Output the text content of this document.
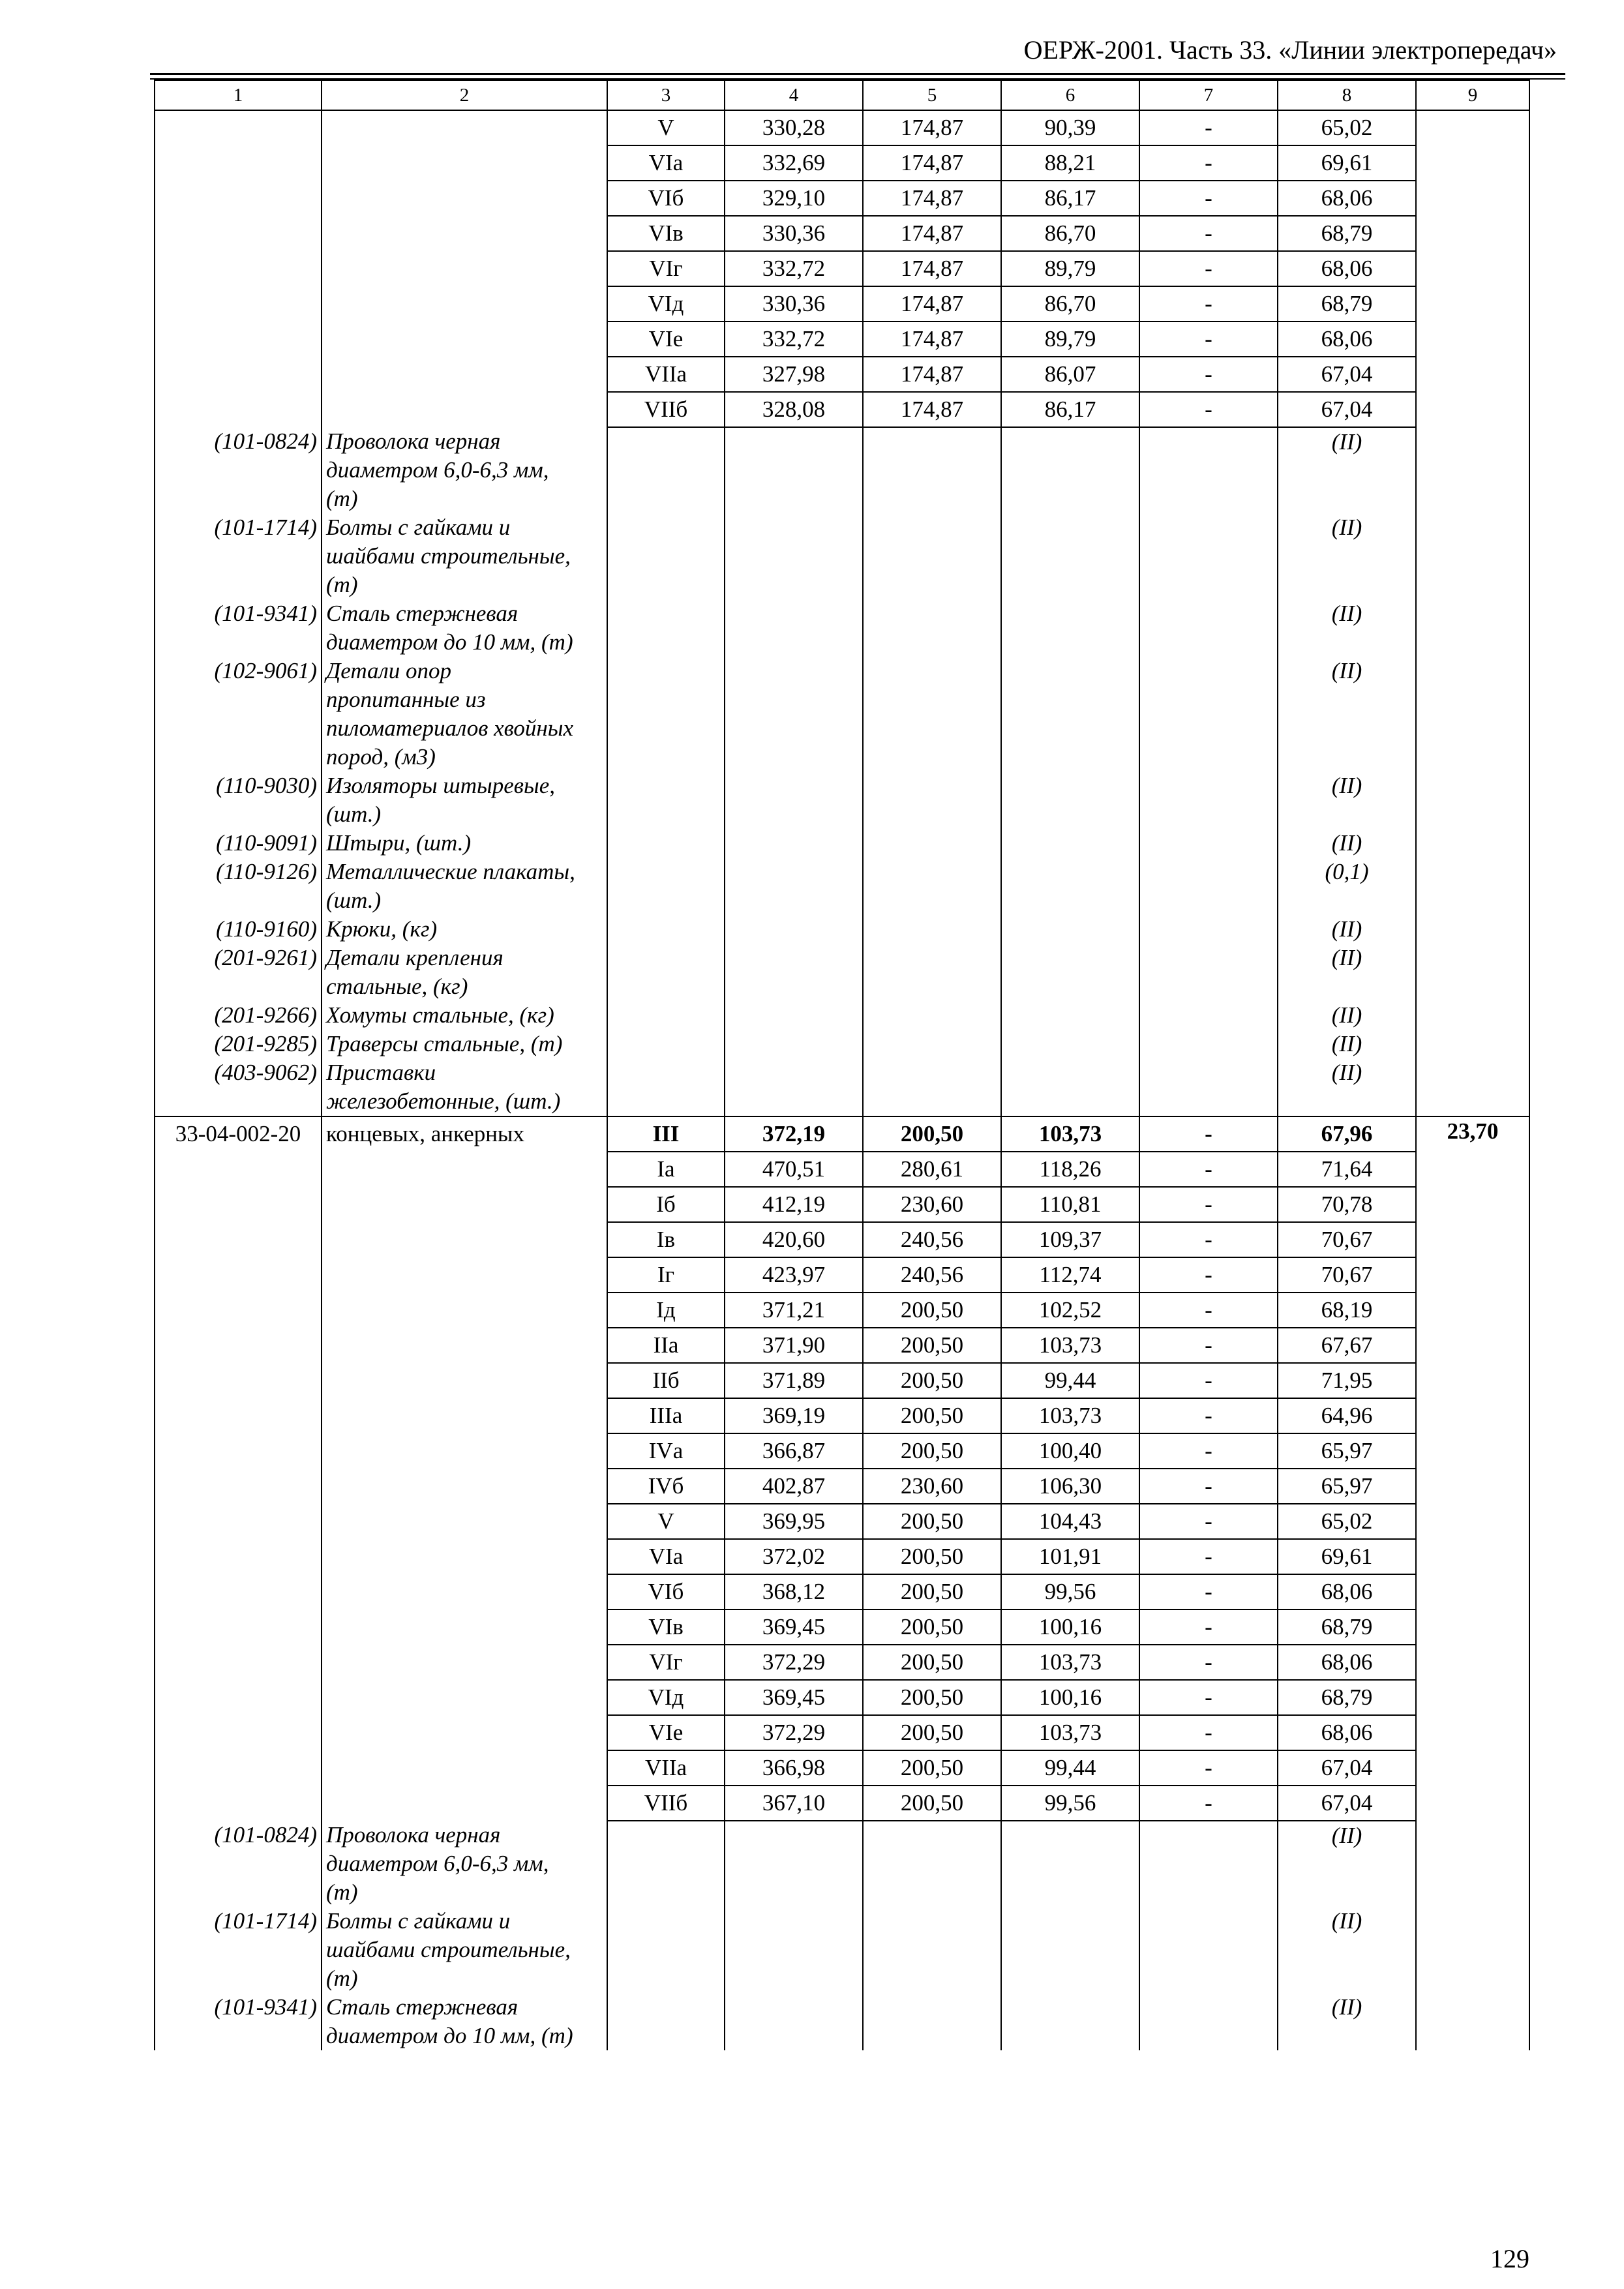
ОЕРЖ-2001. Часть 33. «Линии электропередач»
1	2	3	4	5	6	7	8	9
		V	330,28	174,87	90,39	-	65,02	
		VIа	332,69	174,87	88,21	-	69,61	
		VIб	329,10	174,87	86,17	-	68,06	
		VIв	330,36	174,87	86,70	-	68,79	
		VIг	332,72	174,87	89,79	-	68,06	
		VIд	330,36	174,87	86,70	-	68,79	
		VIе	332,72	174,87	89,79	-	68,06	
		VIIа	327,98	174,87	86,07	-	67,04	
		VIIб	328,08	174,87	86,17	-	67,04	
(101-0824)	Проволока черная
диаметром 6,0-6,3 мм,
(т)						(II)	
(101-1714)	Болты с гайками и
шайбами строительные,
(т)						(II)	
(101-9341)	Сталь стержневая
диаметром до 10 мм, (т)						(II)	
(102-9061)	Детали опор
пропитанные из
пиломатериалов хвойных
пород, (м3)						(II)	
(110-9030)	Изоляторы штыревые,
(шт.)						(II)	
(110-9091)	Штыри, (шт.)						(II)	
(110-9126)	Металлические плакаты,
(шт.)						(0,1)	
(110-9160)	Крюки, (кг)						(II)	
(201-9261)	Детали крепления
стальные, (кг)						(II)	
(201-9266)	Хомуты стальные, (кг)						(II)	
(201-9285)	Траверсы стальные, (т)						(II)	
(403-9062)	Приставки
железобетонные, (шт.)						(II)	
33-04-002-20	концевых, анкерных	III	372,19	200,50	103,73	-	67,96	23,70
		Iа	470,51	280,61	118,26	-	71,64	
		Iб	412,19	230,60	110,81	-	70,78	
		Iв	420,60	240,56	109,37	-	70,67	
		Iг	423,97	240,56	112,74	-	70,67	
		Iд	371,21	200,50	102,52	-	68,19	
		IIа	371,90	200,50	103,73	-	67,67	
		IIб	371,89	200,50	99,44	-	71,95	
		IIIа	369,19	200,50	103,73	-	64,96	
		IVа	366,87	200,50	100,40	-	65,97	
		IVб	402,87	230,60	106,30	-	65,97	
		V	369,95	200,50	104,43	-	65,02	
		VIа	372,02	200,50	101,91	-	69,61	
		VIб	368,12	200,50	99,56	-	68,06	
		VIв	369,45	200,50	100,16	-	68,79	
		VIг	372,29	200,50	103,73	-	68,06	
		VIд	369,45	200,50	100,16	-	68,79	
		VIе	372,29	200,50	103,73	-	68,06	
		VIIа	366,98	200,50	99,44	-	67,04	
		VIIб	367,10	200,50	99,56	-	67,04	
(101-0824)	Проволока черная
диаметром 6,0-6,3 мм,
(т)						(II)	
(101-1714)	Болты с гайками и
шайбами строительные,
(т)						(II)	
(101-9341)	Сталь стержневая
диаметром до 10 мм, (т)						(II)	
129
